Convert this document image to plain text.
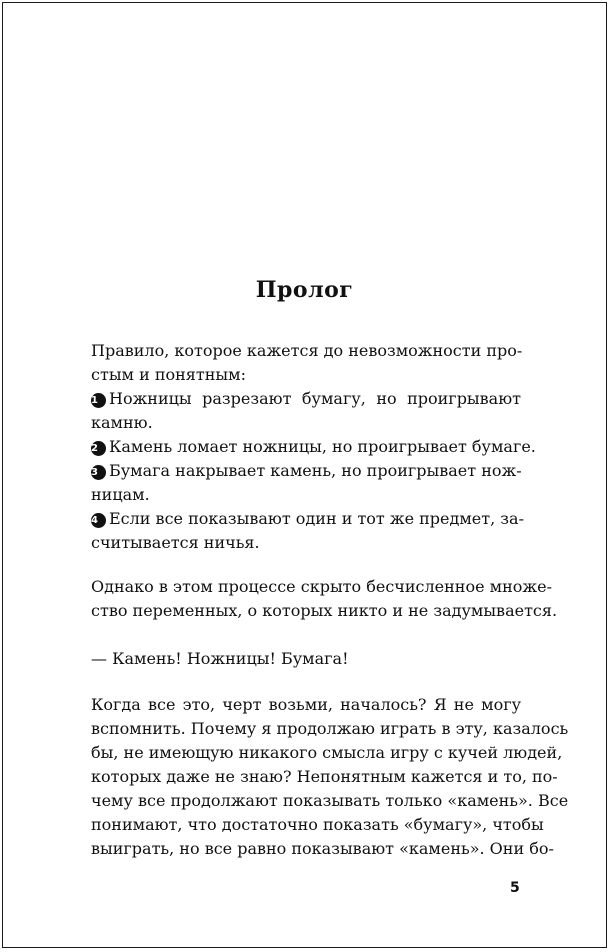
Пролог

Правило, которое кажется до невозможности про-

стым и понятным:

1 Ножницы разрезают бумагу, но проигрывают

камню.

2 Камень ломает ножницы, но проигрывает бумаге.

3 Бумага накрывает камень, но проигрывает нож-

ницам.

4 Если все показывают один и тот же предмет, за-

считывается ничья.

Однако в этом процессе скрыто бесчисленное множе-

ство переменных, о которых никто и не задумывается.

— Камень! Ножницы! Бумага!

Когда все это, черт возьми, началось? Я не могу

вспомнить. Почему я продолжаю играть в эту, казалось

бы, не имеющую никакого смысла игру с кучей людей,

которых даже не знаю? Непонятным кажется и то, по-

чему все продолжают показывать только «камень». Все

понимают, что достаточно показать «бумагу», чтобы

выиграть, но все равно показывают «камень». Они бо-

5
